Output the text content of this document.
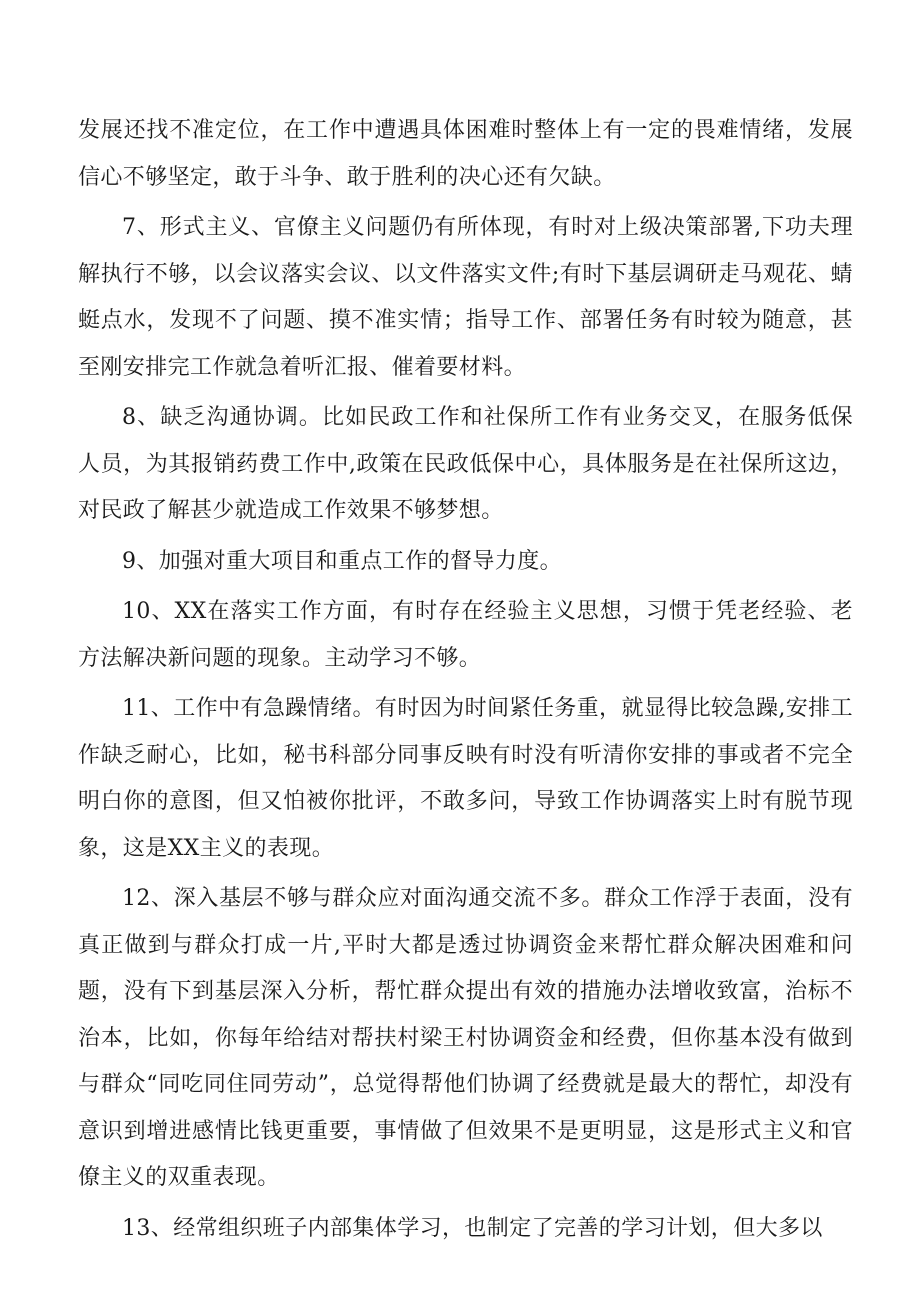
发展还找不准定位，在工作中遭遇具体困难时整体上有一定的畏难情绪，发展信心不够坚定，敢于斗争、敢于胜利的决心还有欠缺。

7、形式主义、官僚主义问题仍有所体现，有时对上级决策部署,下功夫理解执行不够，以会议落实会议、以文件落实文件;有时下基层调研走马观花、蜻蜓点水，发现不了问题、摸不准实情；指导工作、部署任务有时较为随意，甚至刚安排完工作就急着听汇报、催着要材料。

8、缺乏沟通协调。比如民政工作和社保所工作有业务交叉，在服务低保人员，为其报销药费工作中,政策在民政低保中心，具体服务是在社保所这边，对民政了解甚少就造成工作效果不够梦想。

9、加强对重大项目和重点工作的督导力度。

10、XX在落实工作方面，有时存在经验主义思想，习惯于凭老经验、老方法解决新问题的现象。主动学习不够。

11、工作中有急躁情绪。有时因为时间紧任务重，就显得比较急躁,安排工作缺乏耐心，比如，秘书科部分同事反映有时没有听清你安排的事或者不完全明白你的意图，但又怕被你批评，不敢多问，导致工作协调落实上时有脱节现象，这是XX主义的表现。

12、深入基层不够与群众应对面沟通交流不多。群众工作浮于表面，没有真正做到与群众打成一片,平时大都是透过协调资金来帮忙群众解决困难和问题，没有下到基层深入分析，帮忙群众提出有效的措施办法增收致富，治标不治本，比如，你每年给结对帮扶村梁王村协调资金和经费，但你基本没有做到与群众“同吃同住同劳动”，总觉得帮他们协调了经费就是最大的帮忙，却没有意识到增进感情比钱更重要，事情做了但效果不是更明显，这是形式主义和官僚主义的双重表现。

13、经常组织班子内部集体学习，也制定了完善的学习计划，但大多以
